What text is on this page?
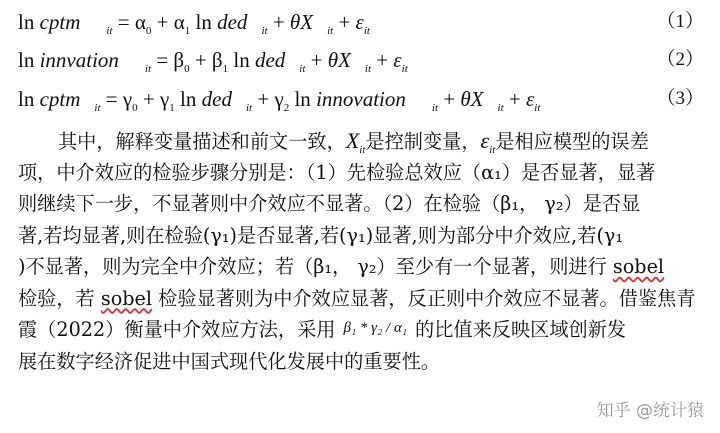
ln cptm $_{it} = \alpha_0 + \alpha_1$ ln ded $_{it}$ + θX $_{it} + \varepsilon_{it}$	（1）
ln innvation $_{it} = \beta_0 + \beta_1$ ln ded $_{it}$ + θX $_{it} + \varepsilon_{it}$	（2）
ln cptm $_{it} = \gamma_0 + \gamma_1$ ln ded $_{it} + \gamma_2$ ln innovation $_{it}$ + θX $_{it} + \varepsilon_{it}$	（3）
其中，解释变量描述和前文一致，$X_{it}$是控制变量，$\varepsilon_{it}$是相应模型的误差
项，中介效应的检验步骤分别是：（1）先检验总效应（α₁）是否显著，显著
则继续下一步，不显著则中介效应不显著。（2）在检验（β₁， γ₂）是否显
著,若均显著,则在检验(γ₁)是否显著,若(γ₁)显著,则为部分中介效应,若(γ₁
)不显著，则为完全中介效应；若（β₁， γ₂）至少有一个显著，则进行 sobel
检验，若 sobel 检验显著则为中介效应显著，反正则中介效应不显著。借鉴焦青
霞（2022）衡量中介效应方法，采用 $^{\beta_1 * \gamma_2 / \alpha_1}$ 的比值来反映区域创新发
展在数字经济促进中国式现代化发展中的重要性。
知乎 @统计猿
